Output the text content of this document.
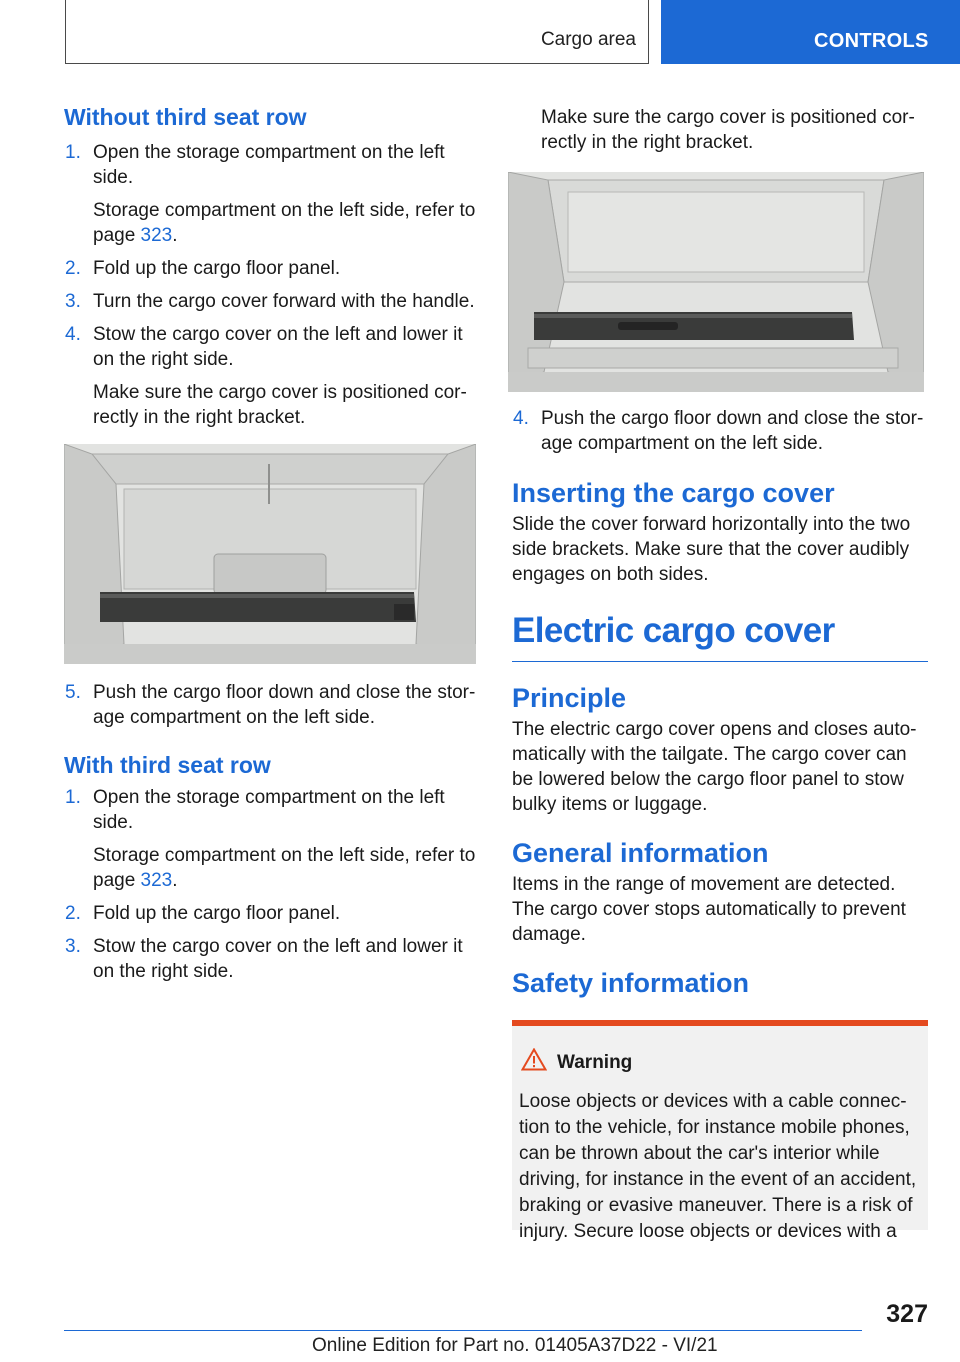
Cargo area	CONTROLS
Without third seat row
1. Open the storage compartment on the left side.
Storage compartment on the left side, refer to page 323.
2. Fold up the cargo floor panel.
3. Turn the cargo cover forward with the handle.
4. Stow the cargo cover on the left and lower it on the right side.
Make sure the cargo cover is positioned cor-rectly in the right bracket.
5. Push the cargo floor down and close the stor-age compartment on the left side.
With third seat row
1. Open the storage compartment on the left side.
Storage compartment on the left side, refer to page 323.
2. Fold up the cargo floor panel.
3. Stow the cargo cover on the left and lower it on the right side.
Make sure the cargo cover is positioned cor-rectly in the right bracket.
4. Push the cargo floor down and close the stor-age compartment on the left side.
Inserting the cargo cover
Slide the cover forward horizontally into the two side brackets. Make sure that the cover audibly engages on both sides.
Electric cargo cover
Principle
The electric cargo cover opens and closes auto-matically with the tailgate. The cargo cover can be lowered below the cargo floor panel to stow bulky items or luggage.
General information
Items in the range of movement are detected. The cargo cover stops automatically to prevent damage.
Safety information
Warning
Loose objects or devices with a cable connec-tion to the vehicle, for instance mobile phones, can be thrown about the car's interior while driving, for instance in the event of an accident, braking or evasive maneuver. There is a risk of injury. Secure loose objects or devices with a
327
Online Edition for Part no. 01405A37D22 - VI/21
